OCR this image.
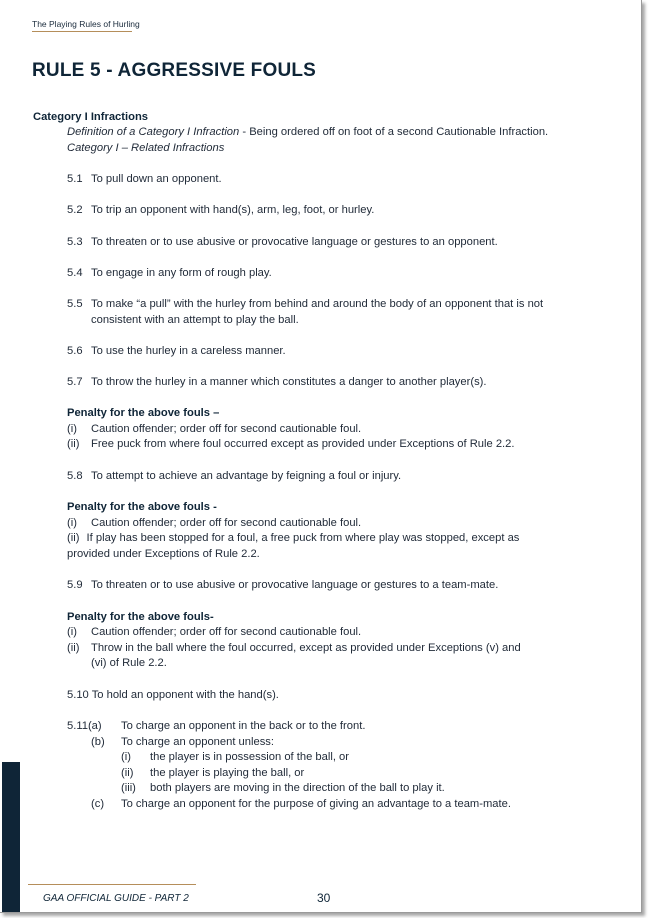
The Playing Rules of Hurling
RULE 5 - AGGRESSIVE FOULS
Category I Infractions
Definition of a Category I Infraction - Being ordered off on foot of a second Cautionable Infraction.
Category I – Related Infractions
5.1 To pull down an opponent.
5.2 To trip an opponent with hand(s), arm, leg, foot, or hurley.
5.3 To threaten or to use abusive or provocative language or gestures to an opponent.
5.4 To engage in any form of rough play.
5.5 To make “a pull” with the hurley from behind and around the body of an opponent that is not
consistent with an attempt to play the ball.
5.6 To use the hurley in a careless manner.
5.7 To throw the hurley in a manner which constitutes a danger to another player(s).
Penalty for the above fouls –
(i) Caution offender; order off for second cautionable foul.
(ii) Free puck from where foul occurred except as provided under Exceptions of Rule 2.2.
5.8 To attempt to achieve an advantage by feigning a foul or injury.
Penalty for the above fouls -
(i) Caution offender; order off for second cautionable foul.
(ii) If play has been stopped for a foul, a free puck from where play was stopped, except as
provided under Exceptions of Rule 2.2.
5.9 To threaten or to use abusive or provocative language or gestures to a team-mate.
Penalty for the above fouls-
(i) Caution offender; order off for second cautionable foul.
(ii) Throw in the ball where the foul occurred, except as provided under Exceptions (v) and
(vi) of Rule 2.2.
5.10 To hold an opponent with the hand(s).
5.11(a) To charge an opponent in the back or to the front.
(b) To charge an opponent unless:
(i) the player is in possession of the ball, or
(ii) the player is playing the ball, or
(iii) both players are moving in the direction of the ball to play it.
(c) To charge an opponent for the purpose of giving an advantage to a team-mate.
GAA OFFICIAL GUIDE - PART 2	30
